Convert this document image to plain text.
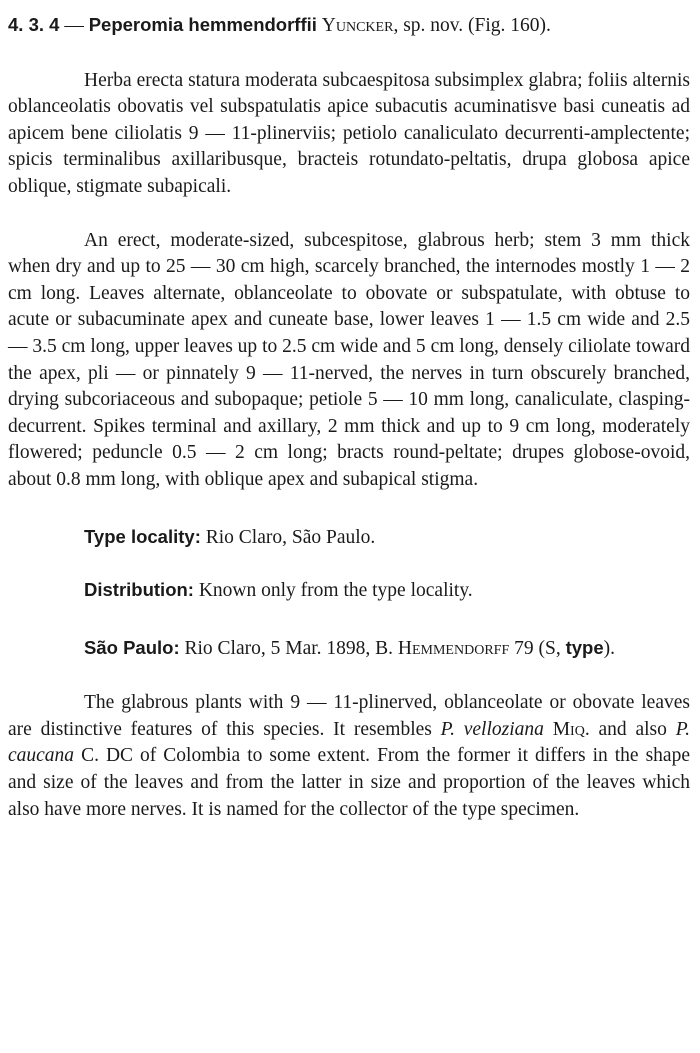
4. 3. 4 — Peperomia hemmendorffii Yuncker, sp. nov. (Fig. 160).

Herba erecta statura moderata subcaespitosa subsimplex glabra; foliis alternis oblanceolatis obovatis vel subspatulatis apice subacutis acuminatisve basi cuneatis ad apicem bene ciliolatis 9 — 11-plinerviis; petiolo canaliculato decurrenti-amplectente; spicis terminalibus axillaribusque, bracteis rotundato-peltatis, drupa globosa apice oblique, stigmate subapicali.

An erect, moderate-sized, subcespitose, glabrous herb; stem 3 mm thick when dry and up to 25 — 30 cm high, scarcely branched, the internodes mostly 1 — 2 cm long. Leaves alternate, oblanceolate to obovate or subspatulate, with obtuse to acute or subacuminate apex and cuneate base, lower leaves 1 — 1.5 cm wide and 2.5 — 3.5 cm long, upper leaves up to 2.5 cm wide and 5 cm long, densely ciliolate toward the apex, pli — or pinnately 9 — 11-nerved, the nerves in turn obscurely branched, drying subcoriaceous and subopaque; petiole 5 — 10 mm long, canaliculate, clasping-decurrent. Spikes terminal and axillary, 2 mm thick and up to 9 cm long, moderately flowered; peduncle 0.5 — 2 cm long; bracts round-peltate; drupes globose-ovoid, about 0.8 mm long, with oblique apex and subapical stigma.

Type locality: Rio Claro, São Paulo.

Distribution: Known only from the type locality.

São Paulo: Rio Claro, 5 Mar. 1898, B. Hemmendorff 79 (S, type).

The glabrous plants with 9 — 11-plinerved, oblanceolate or obovate leaves are distinctive features of this species. It resembles P. velloziana Miq. and also P. caucana C. DC of Colombia to some extent. From the former it differs in the shape and size of the leaves and from the latter in size and proportion of the leaves which also have more nerves. It is named for the collector of the type specimen.
